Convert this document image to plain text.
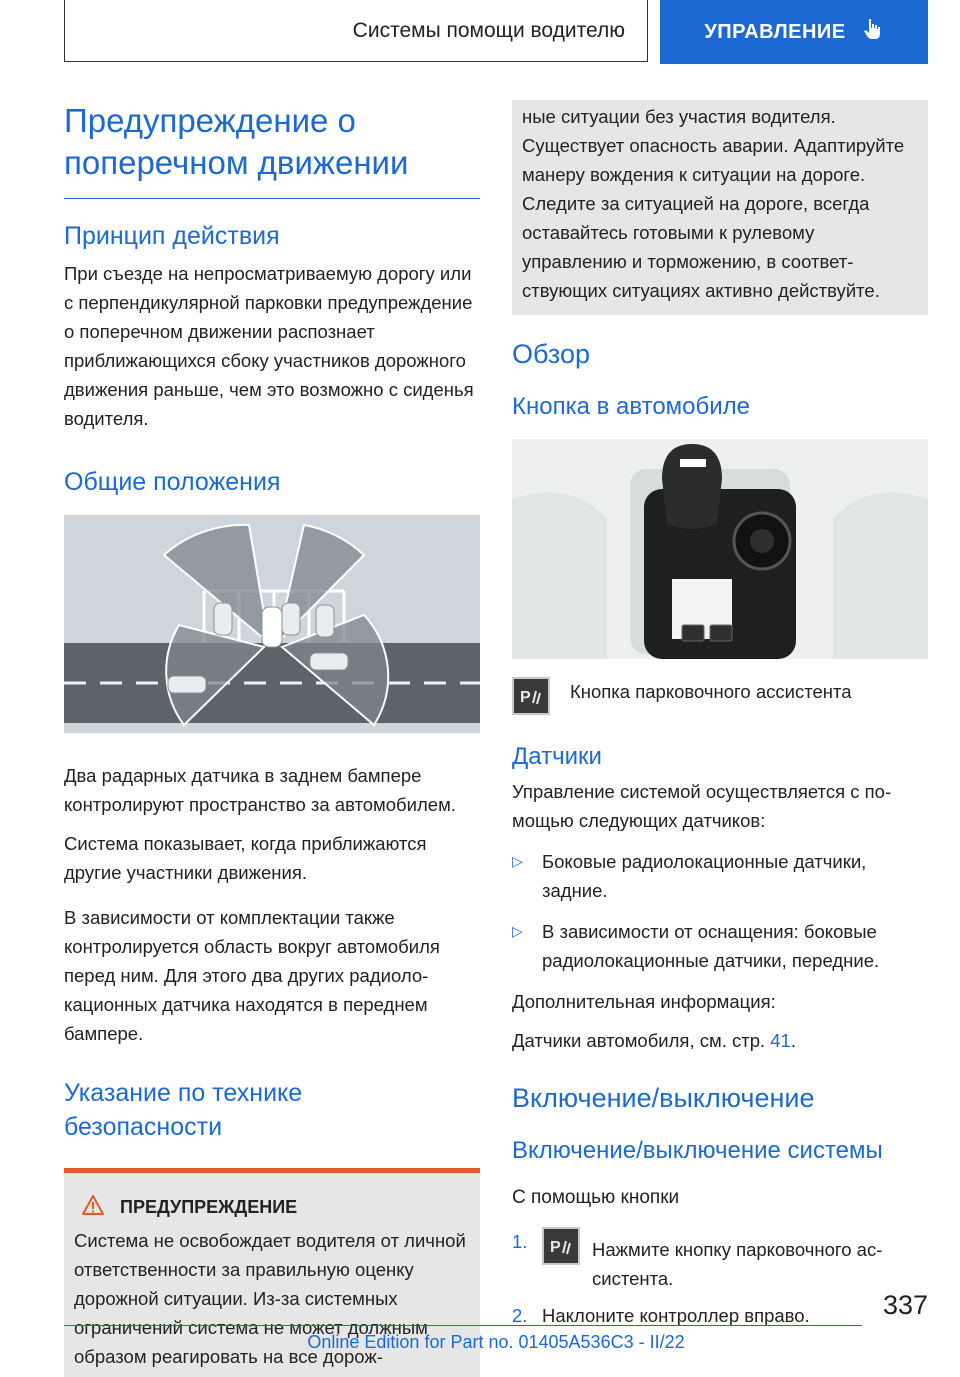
Системы помощи водителю	УПРАВЛЕНИЕ
Предупреждение о поперечном движении
Принцип действия

При съезде на непросматриваемую дорогу или с перпендикулярной парковки предупреждение о поперечном движении распознает приближающихся сбоку участников дорожного движения раньше, чем это возможно с сиденья водителя.

Общие положения

Два радарных датчика в заднем бампере контролируют пространство за автомобилем.

Система показывает, когда приближаются другие участники движения.

В зависимости от комплектации также контролируется область вокруг автомобиля перед ним. Для этого два других радиолокационных датчика находятся в переднем бампере.

Указание по технике безопасности
ПРЕДУПРЕЖДЕНИЕ

Система не освобождает водителя от личной ответственности за правильную оценку дорожной ситуации. Из-за системных ограничений система не может должным образом реагировать на все дорож-

ные ситуации без участия водителя. Существует опасность аварии. Адаптируйте манеру вождения к ситуации на дороге. Следите за ситуацией на дороге, всегда оставайтесь готовыми к рулевому управлению и торможению, в соответствующих ситуациях активно действуйте.

Обзор
Кнопка в автомобиле
P Кнопка парковочного ассистента

Датчики

Управление системой осуществляется с помощью следующих датчиков:

▷	Боковые радиолокационные датчики, задние.

▷	В зависимости от оснащения: боковые радиолокационные датчики, передние.

Дополнительная информация:

Датчики автомобиля, см. стр. 41.

Включение/выключение
Включение/выключение системы
С помощью кнопки
1.	P	Нажмите кнопку парковочного ассистента.

2. Наклоните контроллер вправо.	337
Online Edition for Part no. 01405A536C3 - II/22
